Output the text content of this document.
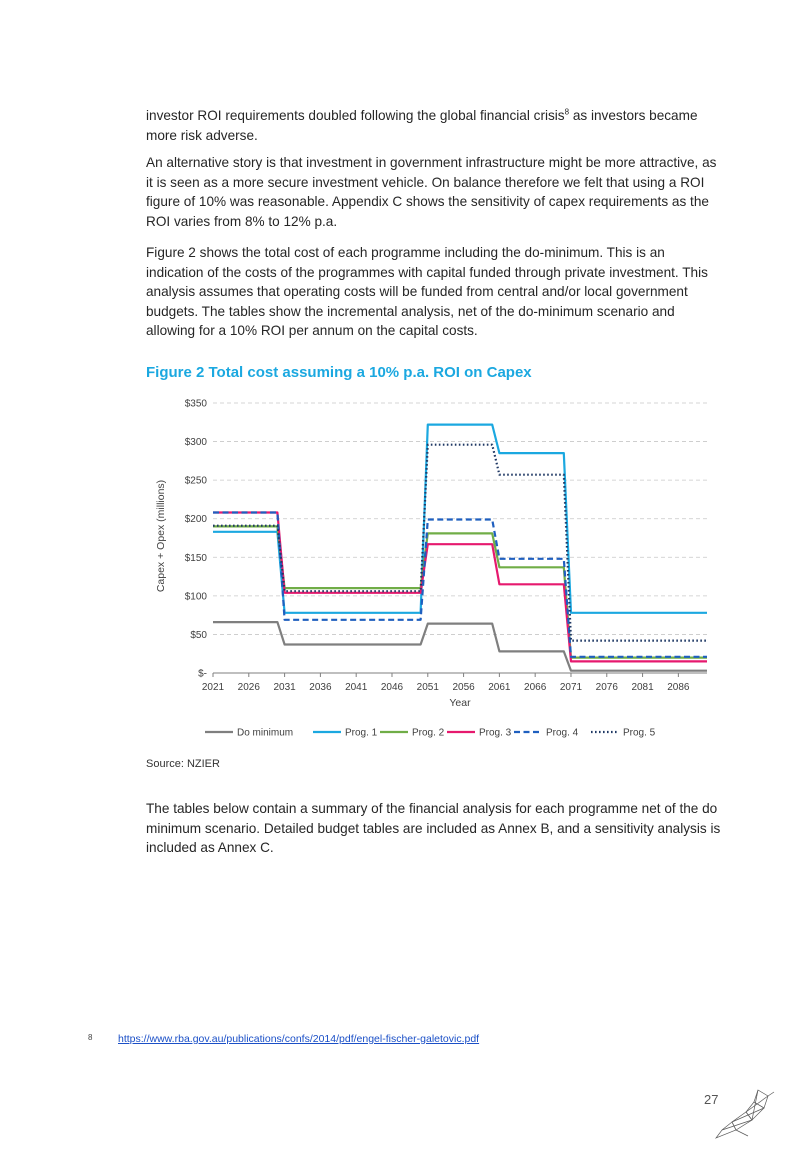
investor ROI requirements doubled following the global financial crisis$^8$ as investors became more risk adverse.

An alternative story is that investment in government infrastructure might be more attractive, as it is seen as a more secure investment vehicle. On balance therefore we felt that using a ROI figure of 10% was reasonable. Appendix C shows the sensitivity of capex requirements as the ROI varies from 8% to 12% p.a.

Figure 2 shows the total cost of each programme including the do-minimum. This is an indication of the costs of the programmes with capital funded through private investment. This analysis assumes that operating costs will be funded from central and/or local government budgets. The tables show the incremental analysis, net of the do-minimum scenario and allowing for a 10% ROI per annum on the capital costs.

Figure 2 Total cost assuming a 10% p.a. ROI on Capex

$-
$50
$100
$150
$200
$250
$300
$350
2021 2026 2031 2036 2041 2046 2051 2056 2061 2066 2071 2076 2081 2086
Capex + Opex (millions)
Year
Do minimum	Prog. 1	Prog. 2	Prog. 3	Prog. 4	Prog. 5

Source: NZIER

The tables below contain a summary of the financial analysis for each programme net of the do minimum scenario. Detailed budget tables are included as Annex B, and a sensitivity analysis is included as Annex C.

8 https://www.rba.gov.au/publications/confs/2014/pdf/engel-fischer-galetovic.pdf
27
